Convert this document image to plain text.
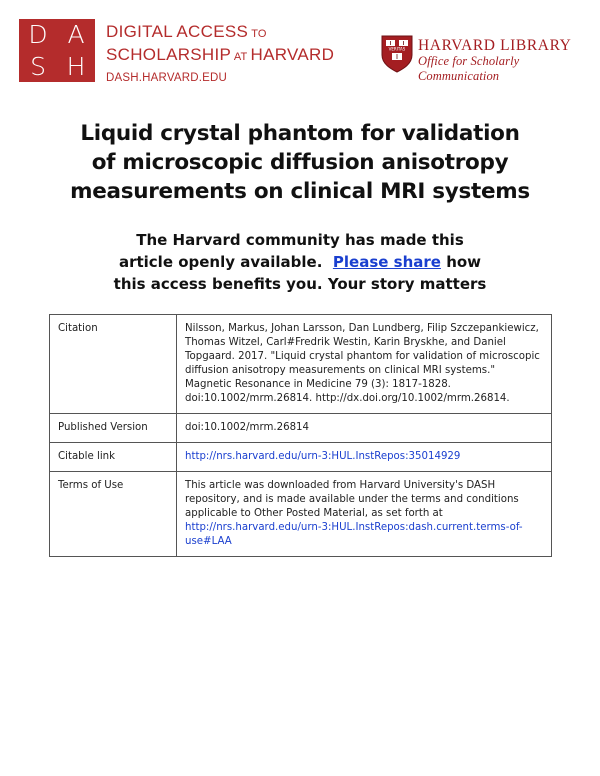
D A
S H
DIGITAL ACCESS TO
SCHOLARSHIP AT HARVARD
DASH.HARVARD.EDU
VERITAS HARVARD LIBRARY
Office for Scholarly Communication
Liquid crystal phantom for validation
of microscopic diffusion anisotropy
measurements on clinical MRI systems

The Harvard community has made this
article openly available. Please share how
this access benefits you. Your story matters

Citation	Nilsson, Markus, Johan Larsson, Dan Lundberg, Filip Szczepankiewicz, Thomas Witzel, Carl#Fredrik Westin, Karin Bryskhe, and Daniel Topgaard. 2017. "Liquid crystal phantom for validation of microscopic diffusion anisotropy measurements on clinical MRI systems." Magnetic Resonance in Medicine 79 (3): 1817-1828. doi:10.1002/mrm.26814. http://dx.doi.org/10.1002/mrm.26814.
Published Version	doi:10.1002/mrm.26814
Citable link	http://nrs.harvard.edu/urn-3:HUL.InstRepos:35014929
Terms of Use	This article was downloaded from Harvard University's DASH repository, and is made available under the terms and conditions applicable to Other Posted Material, as set forth at http://nrs.harvard.edu/urn-3:HUL.InstRepos:dash.current.terms-of-use#LAA
